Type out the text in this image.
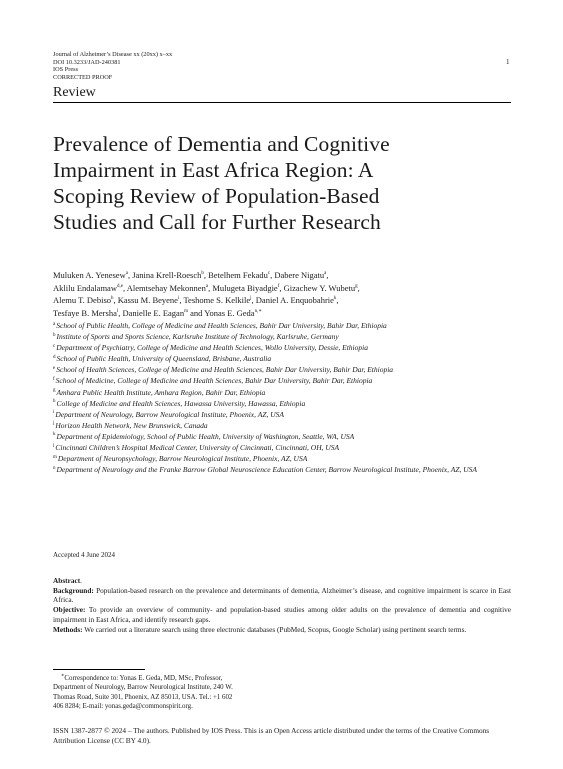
Journal of Alzheimer’s Disease xx (20xx) x–xx
DOI 10.3233/JAD-240381
IOS Press
CORRECTED PROOF
1
Review
Prevalence of Dementia and Cognitive
Impairment in East Africa Region: A
Scoping Review of Population-Based
Studies and Call for Further Research
Muluken A. Yenesew$^a$, Janina Krell-Roesch$^b$, Betelhem Fekadu$^c$, Dabere Nigatu$^a$,
Aklilu Endalamaw$^{d,e}$, Alemtsehay Mekonnen$^a$, Mulugeta Biyadgie$^f$, Gizachew Y. Wubetu$^g$,
Alemu T. Debiso$^h$, Kassu M. Beyene$^i$, Teshome S. Kelkile$^j$, Daniel A. Enquobahrie$^k$,
Tesfaye B. Mersha$^l$, Danielle E. Eagan$^m$ and Yonas E. Geda$^{n,∗}$
$^a$School of Public Health, College of Medicine and Health Sciences, Bahir Dar University, Bahir Dar, Ethiopia
$^b$Institute of Sports and Sports Science, Karlsruhe Institute of Technology, Karlsruhe, Germany
$^c$Department of Psychiatry, College of Medicine and Health Sciences, Wollo University, Dessie, Ethiopia
$^d$School of Public Health, University of Queensland, Brisbane, Australia
$^e$School of Health Sciences, College of Medicine and Health Sciences, Bahir Dar University, Bahir Dar, Ethiopia
$^f$School of Medicine, College of Medicine and Health Sciences, Bahir Dar University, Bahir Dar, Ethiopia
$^g$Amhara Public Health Institute, Amhara Region, Bahir Dar, Ethiopia
$^h$College of Medicine and Health Sciences, Hawassa University, Hawassa, Ethiopia
$^i$Department of Neurology, Barrow Neurological Institute, Phoenix, AZ, USA
$^j$Horizon Health Network, New Brunswick, Canada
$^k$Department of Epidemiology, School of Public Health, University of Washington, Seattle, WA, USA
$^l$Cincinnati Children’s Hospital Medical Center, University of Cincinnati, Cincinnati, OH, USA
$^m$Department of Neuropsychology, Barrow Neurological Institute, Phoenix, AZ, USA
$^n$Department of Neurology and the Franke Barrow Global Neuroscience Education Center, Barrow Neurological Institute, Phoenix, AZ, USA
Accepted 4 June 2024
Abstract.
Background: Population-based research on the prevalence and determinants of dementia, Alzheimer’s disease, and cognitive impairment is scarce in East Africa.
Objective: To provide an overview of community- and population-based studies among older adults on the prevalence of dementia and cognitive impairment in East Africa, and identify research gaps.
Methods: We carried out a literature search using three electronic databases (PubMed, Scopus, Google Scholar) using pertinent search terms.
∗Correspondence to: Yonas E. Geda, MD, MSc, Professor,
Department of Neurology, Barrow Neurological Institute, 240 W.
Thomas Road, Suite 301, Phoenix, AZ 85013, USA. Tel.: +1 602
406 8284; E-mail: yonas.geda@commonspirit.org.
ISSN 1387-2877 © 2024 – The authors. Published by IOS Press. This is an Open Access article distributed under the terms of the Creative Commons Attribution License (CC BY 4.0).
